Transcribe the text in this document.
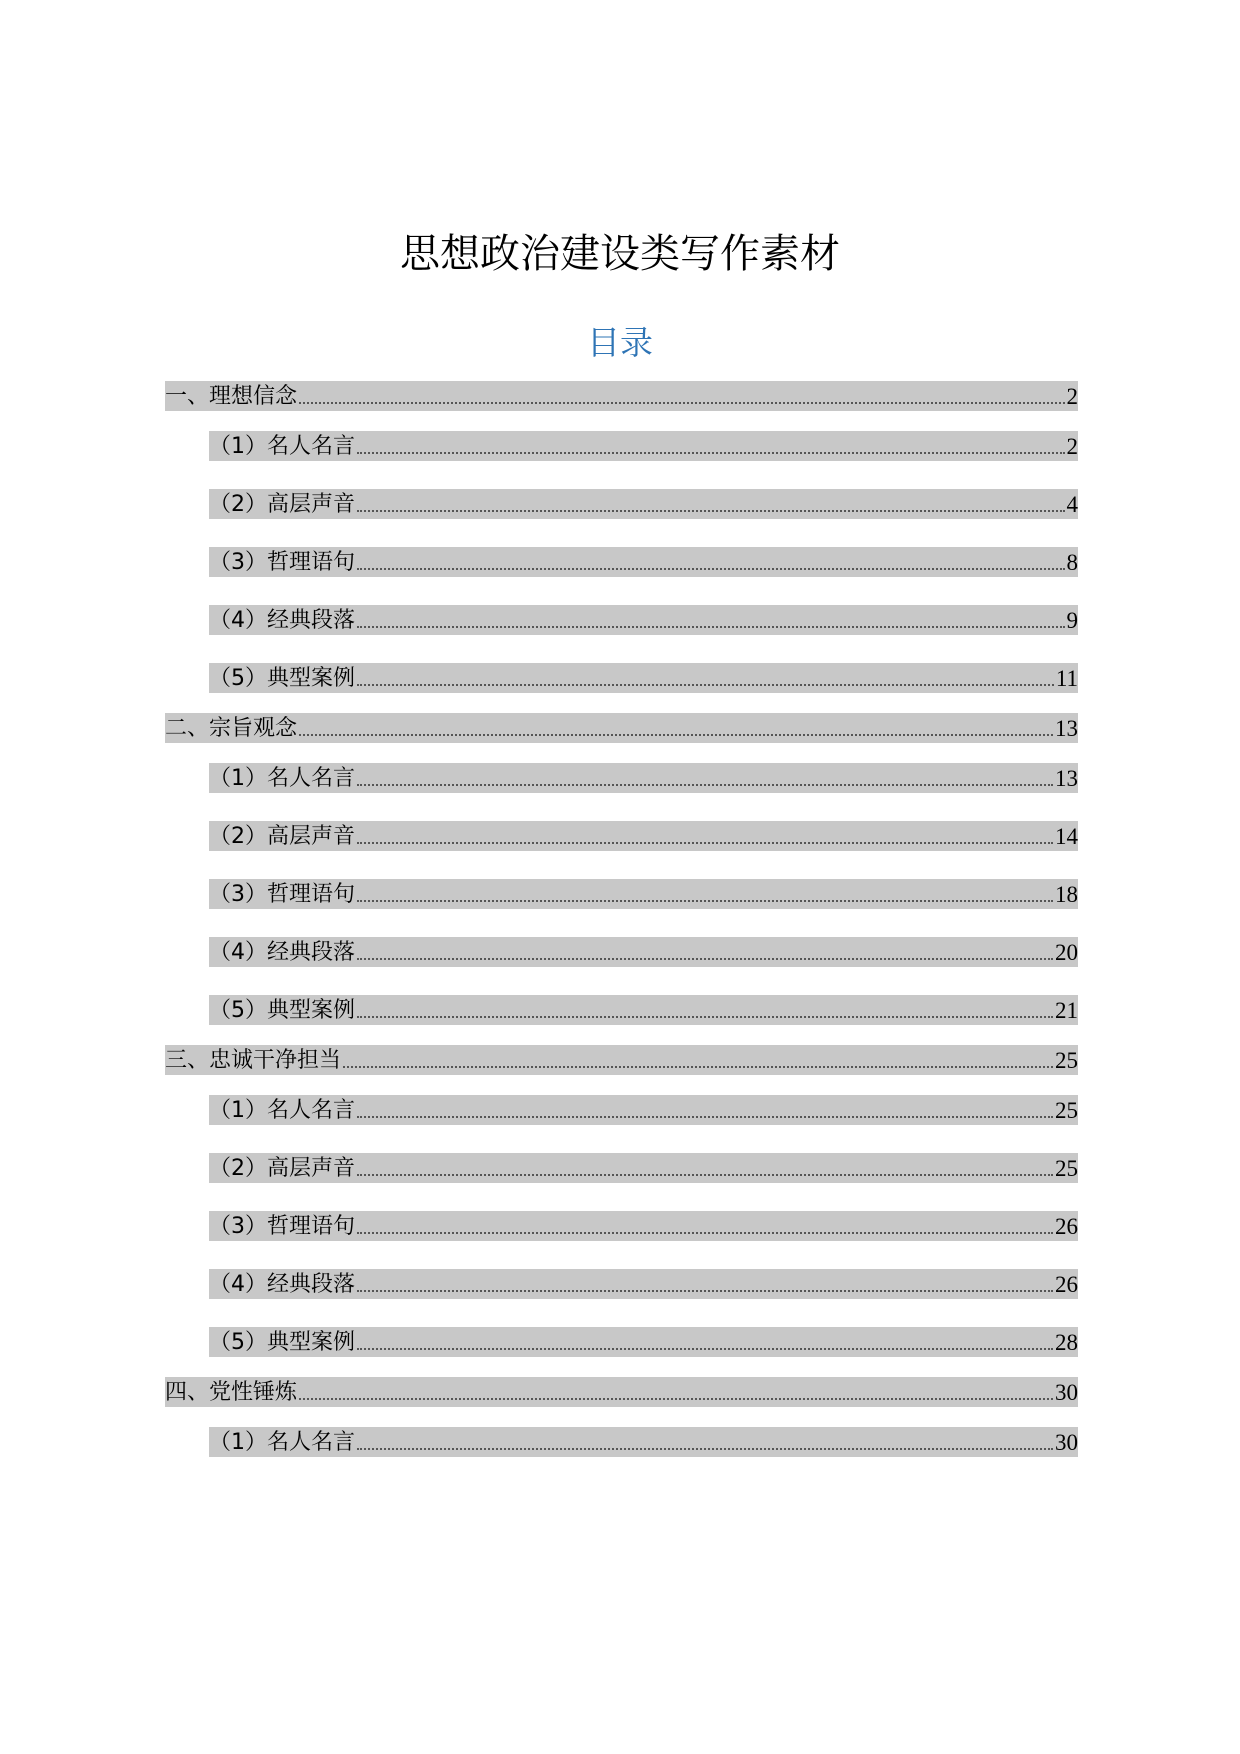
思想政治建设类写作素材
目录
一、理想信念	2
（1）名人名言	2
（2）高层声音	4
（3）哲理语句	8
（4）经典段落	9
（5）典型案例	11
二、宗旨观念	13
（1）名人名言	13
（2）高层声音	14
（3）哲理语句	18
（4）经典段落	20
（5）典型案例	21
三、忠诚干净担当	25
（1）名人名言	25
（2）高层声音	25
（3）哲理语句	26
（4）经典段落	26
（5）典型案例	28
四、党性锤炼	30
（1）名人名言	30
